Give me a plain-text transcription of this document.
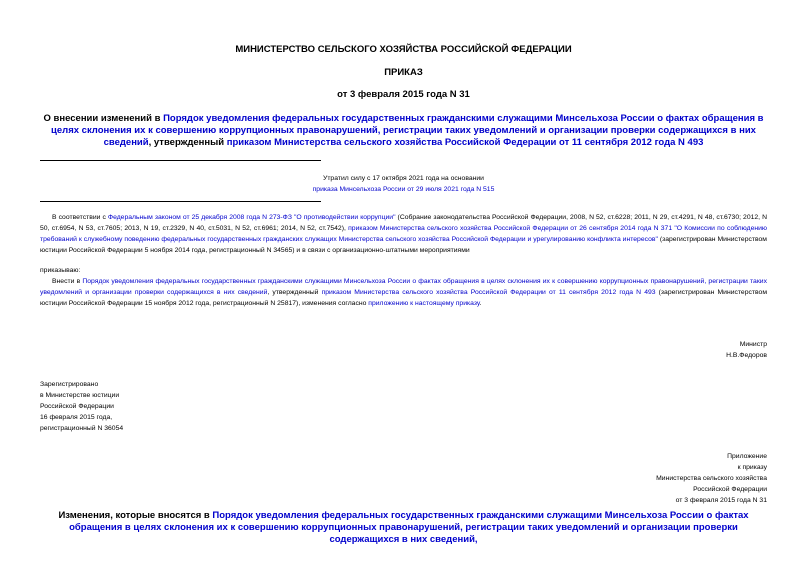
МИНИСТЕРСТВО СЕЛЬСКОГО ХОЗЯЙСТВА РОССИЙСКОЙ ФЕДЕРАЦИИ
ПРИКАЗ
от 3 февраля 2015 года N 31
О внесении изменений в Порядок уведомления федеральных государственных гражданскими служащими Минсельхоза России о фактах обращения в целях склонения их к совершению коррупционных правонарушений, регистрации таких уведомлений и организации проверки содержащихся в них сведений, утвержденный приказом Министерства сельского хозяйства Российской Федерации от 11 сентября 2012 года N 493
Утратил силу с 17 октября 2021 года на основании
приказа Минсельхоза России от 29 июля 2021 года N 515
В соответствии с Федеральным законом от 25 декабря 2008 года N 273-ФЗ "О противодействии коррупции" (Собрание законодательства Российской Федерации, 2008, N 52, ст.6228; 2011, N 29, ст.4291, N 48, ст.6730; 2012, N 50, ст.6954, N 53, ст.7605; 2013, N 19, ст.2329, N 40, ст.5031, N 52, ст.6961; 2014, N 52, ст.7542), приказом Министерства сельского хозяйства Российской Федерации от 26 сентября 2014 года N 371 "О Комиссии по соблюдению требований к служебному поведению федеральных государственных гражданских служащих Министерства сельского хозяйства Российской Федерации и урегулированию конфликта интересов" (зарегистрирован Министерством юстиции Российской Федерации 5 ноября 2014 года, регистрационный N 34565) и в связи с организационно-штатными мероприятиями
приказываю:
Внести в Порядок уведомления федеральных государственных гражданскими служащими Минсельхоза России о фактах обращения в целях склонения их к совершению коррупционных правонарушений, регистрации таких уведомлений и организации проверки содержащихся в них сведений, утвержденный приказом Министерства сельского хозяйства Российской Федерации от 11 сентября 2012 года N 493 (зарегистрирован Министерством юстиции Российской Федерации 15 ноября 2012 года, регистрационный N 25817), изменения согласно приложению к настоящему приказу.
Министр
Н.В.Федоров
Зарегистрировано
в Министерстве юстиции
Российской Федерации
16 февраля 2015 года,
регистрационный N 36054
Приложение
к приказу
Министерства сельского хозяйства
Российской Федерации
от 3 февраля 2015 года N 31
Изменения, которые вносятся в Порядок уведомления федеральных государственных гражданскими служащими Минсельхоза России о фактах обращения в целях склонения их к совершению коррупционных правонарушений, регистрации таких уведомлений и организации проверки содержащихся в них сведений,
